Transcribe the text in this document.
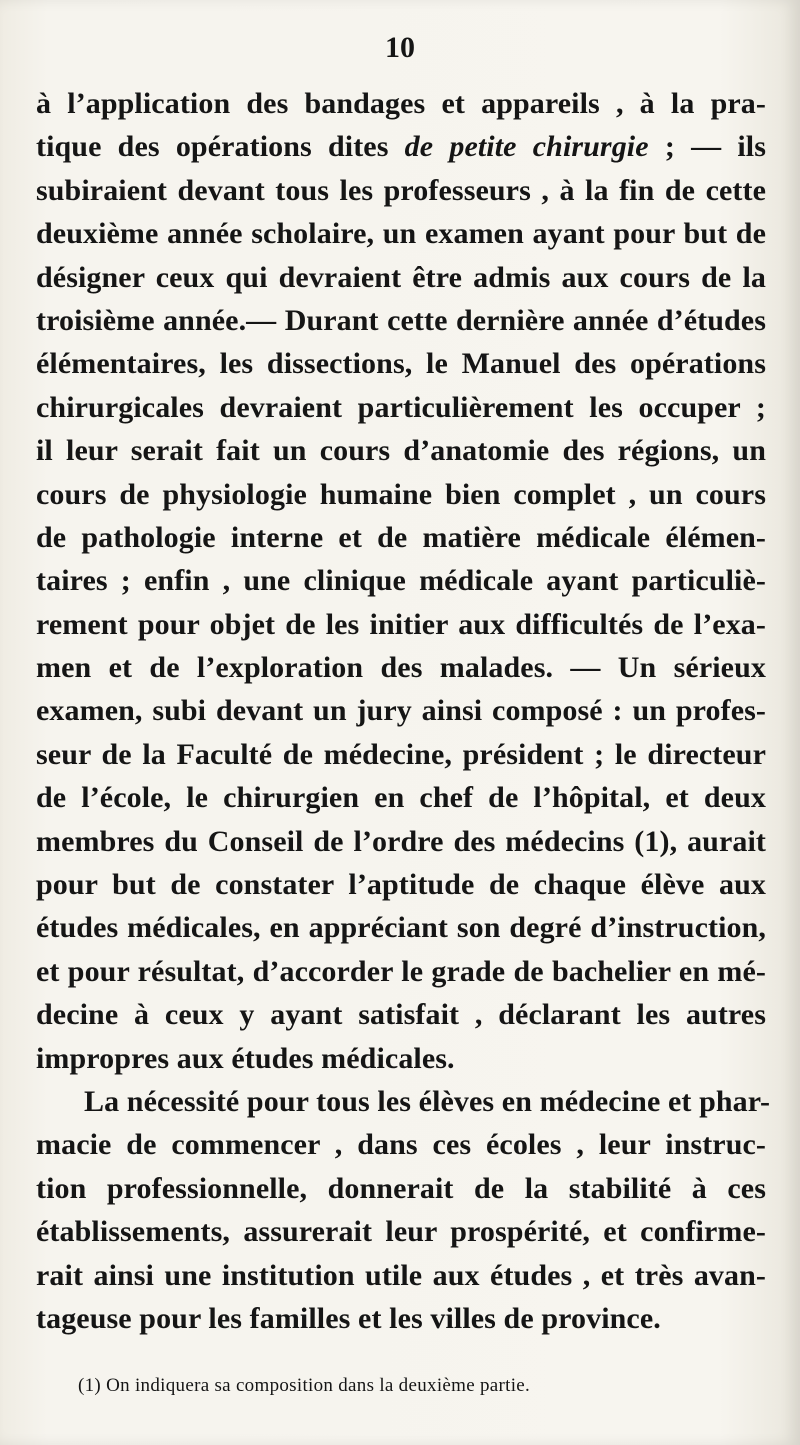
10
à l’application des bandages et appareils , à la pra-
tique des opérations dites de petite chirurgie ; — ils
subiraient devant tous les professeurs , à la fin de cette
deuxième année scholaire, un examen ayant pour but de
désigner ceux qui devraient être admis aux cours de la
troisième année.— Durant cette dernière année d’études
élémentaires, les dissections, le Manuel des opérations
chirurgicales devraient particulièrement les occuper ;
il leur serait fait un cours d’anatomie des régions, un
cours de physiologie humaine bien complet , un cours
de pathologie interne et de matière médicale élémen-
taires ; enfin , une clinique médicale ayant particuliè-
rement pour objet de les initier aux difficultés de l’exa-
men et de l’exploration des malades. — Un sérieux
examen, subi devant un jury ainsi composé : un profes-
seur de la Faculté de médecine, président ; le directeur
de l’école, le chirurgien en chef de l’hôpital, et deux
membres du Conseil de l’ordre des médecins (1), aurait
pour but de constater l’aptitude de chaque élève aux
études médicales, en appréciant son degré d’instruction,
et pour résultat, d’accorder le grade de bachelier en mé-
decine à ceux y ayant satisfait , déclarant les autres
impropres aux études médicales.
La nécessité pour tous les élèves en médecine et phar-
macie de commencer , dans ces écoles , leur instruc-
tion professionnelle, donnerait de la stabilité à ces
établissements, assurerait leur prospérité, et confirme-
rait ainsi une institution utile aux études , et très avan-
tageuse pour les familles et les villes de province.
(1) On indiquera sa composition dans la deuxième partie.
